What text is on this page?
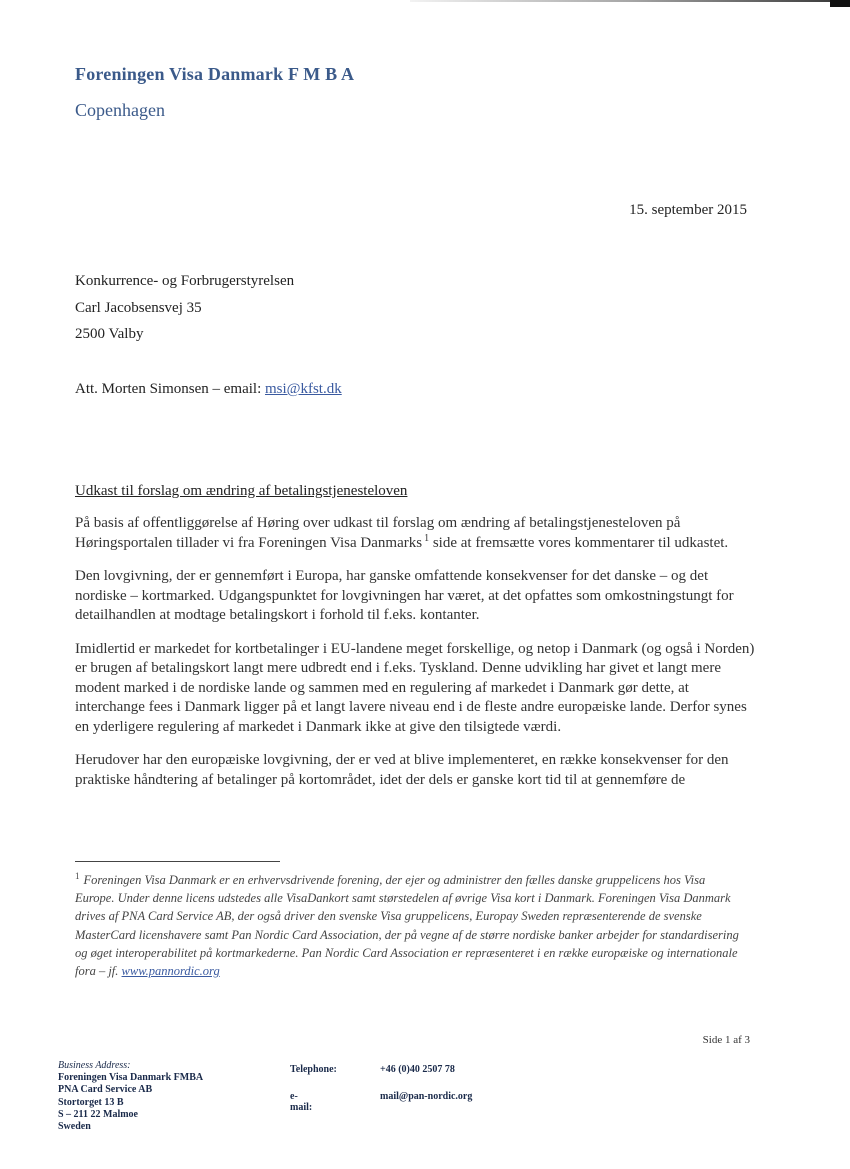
Foreningen Visa Danmark F M B A
Copenhagen
15. september 2015
Konkurrence- og Forbrugerstyrelsen
Carl Jacobsensvej 35
2500 Valby
Att. Morten Simonsen – email: msi@kfst.dk
Udkast til forslag om ændring af betalingstjenesteloven

På basis af offentliggørelse af Høring over udkast til forslag om ændring af betalingstjenesteloven på Høringsportalen tillader vi fra Foreningen Visa Danmarks $^1$ side at fremsætte vores kommentarer til udkastet.

Den lovgivning, der er gennemført i Europa, har ganske omfattende konsekvenser for det danske – og det nordiske – kortmarked. Udgangspunktet for lovgivningen har været, at det opfattes som omkostningstungt for detailhandlen at modtage betalingskort i forhold til f.eks. kontanter.

Imidlertid er markedet for kortbetalinger i EU-landene meget forskellige, og netop i Danmark (og også i Norden) er brugen af betalingskort langt mere udbredt end i f.eks. Tyskland. Denne udvikling har givet et langt mere modent marked i de nordiske lande og sammen med en regulering af markedet i Danmark gør dette, at interchange fees i Danmark ligger på et langt lavere niveau end i de fleste andre europæiske lande. Derfor synes en yderligere regulering af markedet i Danmark ikke at give den tilsigtede værdi.

Herudover har den europæiske lovgivning, der er ved at blive implementeret, en række konsekvenser for den praktiske håndtering af betalinger på kortområdet, idet der dels er ganske kort tid til at gennemføre de

$^1$ Foreningen Visa Danmark er en erhvervsdrivende forening, der ejer og administrer den fælles danske gruppelicens hos Visa Europe. Under denne licens udstedes alle VisaDankort samt størstedelen af øvrige Visa kort i Danmark. Foreningen Visa Danmark drives af PNA Card Service AB, der også driver den svenske Visa gruppelicens, Europay Sweden repræsenterende de svenske MasterCard licenshavere samt Pan Nordic Card Association, der på vegne af de større nordiske banker arbejder for standardisering og øget interoperabilitet på kortmarkederne. Pan Nordic Card Association er repræsenteret i en række europæiske og internationale fora – jf. www.pannordic.org
Side 1 af 3
Business Address:
Foreningen Visa Danmark FMBA
PNA Card Service AB
Stortorget 13 B
S – 211 22 Malmoe
Sweden
Telephone:	+46 (0)40 2507 78
e-mail:
mail@pan-nordic.org
